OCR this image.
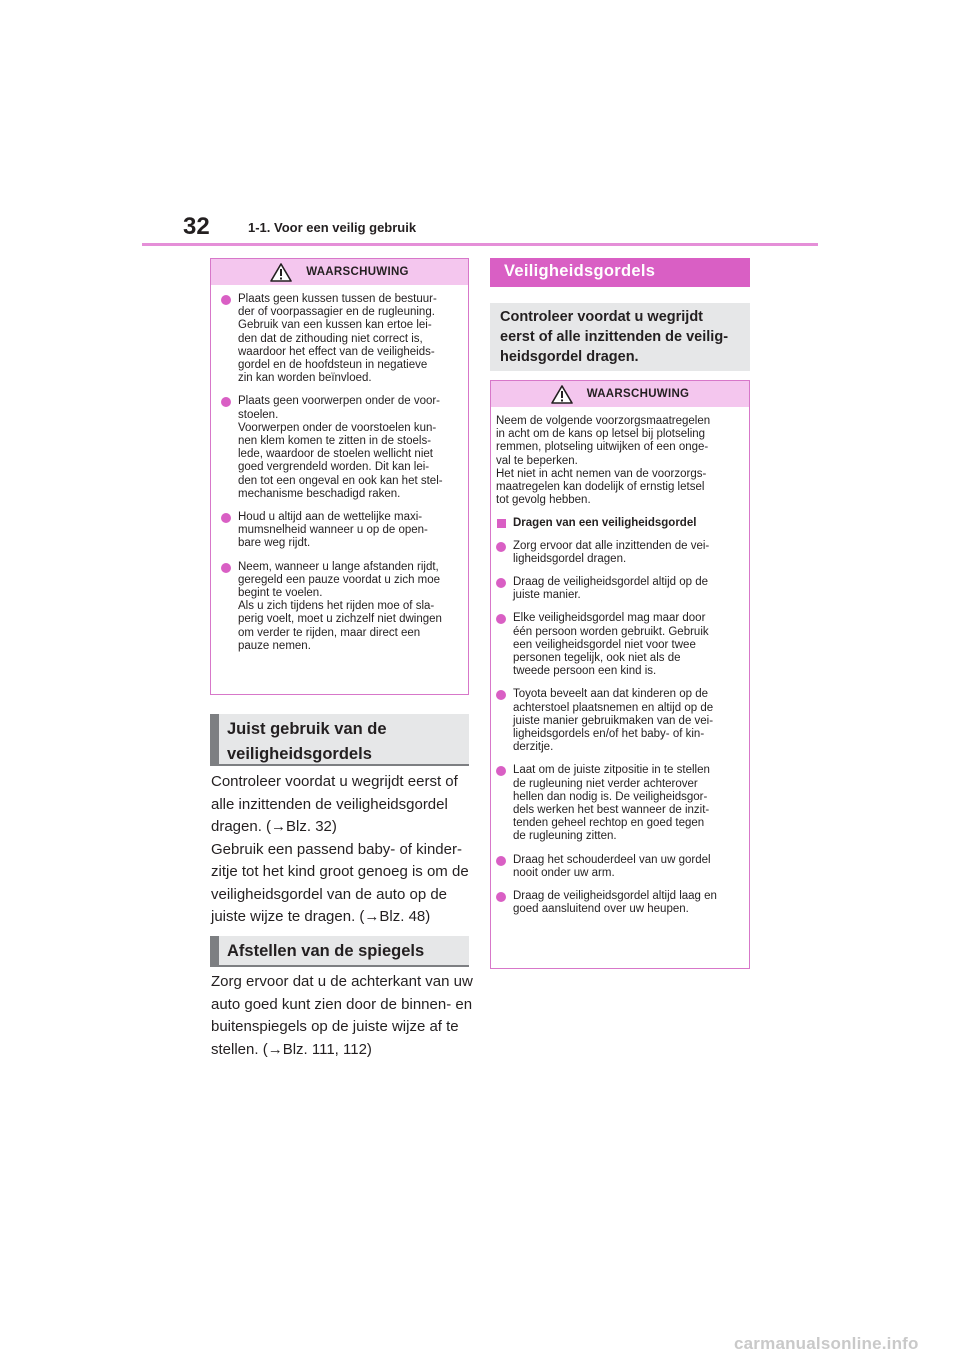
32	1-1. Voor een veilig gebruik
WAARSCHUWING
Plaats geen kussen tussen de bestuur-
der of voorpassagier en de rugleuning.
Gebruik van een kussen kan ertoe lei-
den dat de zithouding niet correct is,
waardoor het effect van de veiligheids-
gordel en de hoofdsteun in negatieve
zin kan worden beïnvloed.
Plaats geen voorwerpen onder de voor-
stoelen.
Voorwerpen onder de voorstoelen kun-
nen klem komen te zitten in de stoels-
lede, waardoor de stoelen wellicht niet
goed vergrendeld worden. Dit kan lei-
den tot een ongeval en ook kan het stel-
mechanisme beschadigd raken.
Houd u altijd aan de wettelijke maxi-
mumsnelheid wanneer u op de open-
bare weg rijdt.
Neem, wanneer u lange afstanden rijdt,
geregeld een pauze voordat u zich moe
begint te voelen.
Als u zich tijdens het rijden moe of sla-
perig voelt, moet u zichzelf niet dwingen
om verder te rijden, maar direct een
pauze nemen.
Juist gebruik van de
veiligheidsgordels
Controleer voordat u wegrijdt eerst of
alle inzittenden de veiligheidsgordel
dragen. (→Blz. 32)
Gebruik een passend baby- of kinder-
zitje tot het kind groot genoeg is om de
veiligheidsgordel van de auto op de
juiste wijze te dragen. (→Blz. 48)
Afstellen van de spiegels
Zorg ervoor dat u de achterkant van uw
auto goed kunt zien door de binnen- en
buitenspiegels op de juiste wijze af te
stellen. (→Blz. 111, 112)
Veiligheidsgordels
Controleer voordat u wegrijdt
eerst of alle inzittenden de veilig-
heidsgordel dragen.
WAARSCHUWING
Neem de volgende voorzorgsmaatregelen
in acht om de kans op letsel bij plotseling
remmen, plotseling uitwijken of een onge-
val te beperken.
Het niet in acht nemen van de voorzorgs-
maatregelen kan dodelijk of ernstig letsel
tot gevolg hebben.
Dragen van een veiligheidsgordel
Zorg ervoor dat alle inzittenden de vei-
ligheidsgordel dragen.
Draag de veiligheidsgordel altijd op de
juiste manier.
Elke veiligheidsgordel mag maar door
één persoon worden gebruikt. Gebruik
een veiligheidsgordel niet voor twee
personen tegelijk, ook niet als de
tweede persoon een kind is.
Toyota beveelt aan dat kinderen op de
achterstoel plaatsnemen en altijd op de
juiste manier gebruikmaken van de vei-
ligheidsgordels en/of het baby- of kin-
derzitje.
Laat om de juiste zitpositie in te stellen
de rugleuning niet verder achterover
hellen dan nodig is. De veiligheidsgor-
dels werken het best wanneer de inzit-
tenden geheel rechtop en goed tegen
de rugleuning zitten.
Draag het schouderdeel van uw gordel
nooit onder uw arm.
Draag de veiligheidsgordel altijd laag en
goed aansluitend over uw heupen.
carmanualsonline.info
